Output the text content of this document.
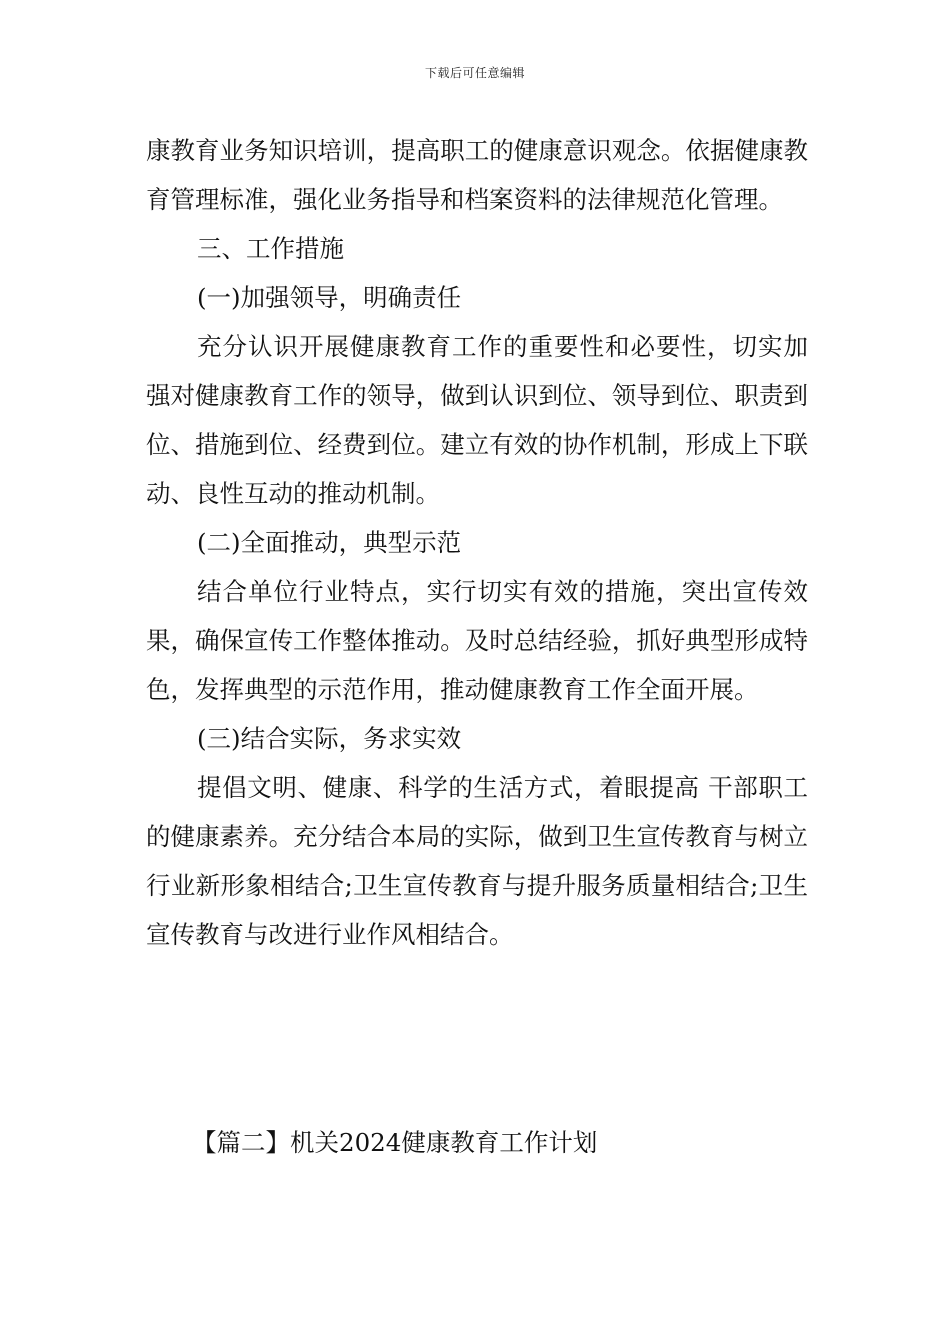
下载后可任意编辑

康教育业务知识培训，提高职工的健康意识观念。依据健康教育管理标准，强化业务指导和档案资料的法律规范化管理。

三、工作措施

(一)加强领导，明确责任

充分认识开展健康教育工作的重要性和必要性，切实加强对健康教育工作的领导，做到认识到位、领导到位、职责到位、措施到位、经费到位。建立有效的协作机制，形成上下联动、良性互动的推动机制。

(二)全面推动，典型示范

结合单位行业特点，实行切实有效的措施，突出宣传效果，确保宣传工作整体推动。及时总结经验，抓好典型形成特色，发挥典型的示范作用，推动健康教育工作全面开展。

(三)结合实际，务求实效

提倡文明、健康、科学的生活方式，着眼提高 干部职工的健康素养。充分结合本局的实际，做到卫生宣传教育与树立行业新形象相结合;卫生宣传教育与提升服务质量相结合;卫生宣传教育与改进行业作风相结合。

【篇二】机关2024健康教育工作计划
